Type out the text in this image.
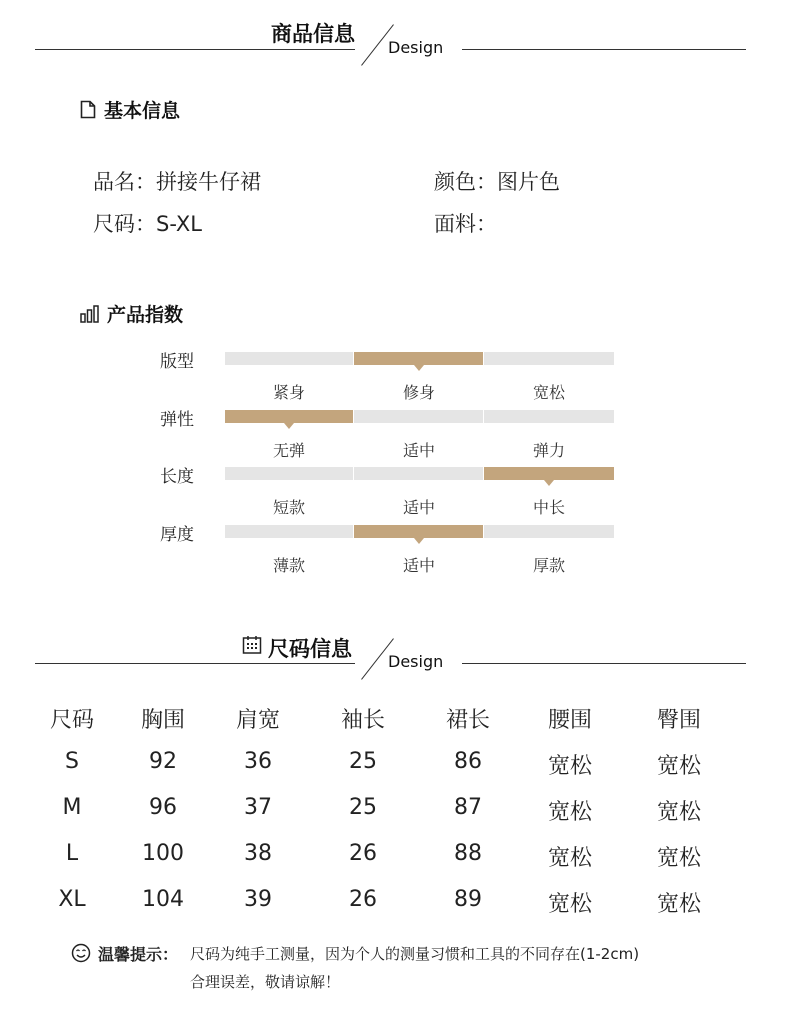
商品信息
Design
基本信息
品名：拼接牛仔裙	颜色：图片色
尺码：S-XL	面料：
产品指数
版型
紧身	修身	宽松
弹性
无弹	适中	弹力
长度
短款	适中	中长
厚度
薄款	适中	厚款
尺码信息
Design
尺码	胸围	肩宽	袖长	裙长	腰围	臀围
S	92	36	25	86	宽松	宽松
M	96	37	25	87	宽松	宽松
L	100	38	26	88	宽松	宽松
XL	104	39	26	89	宽松	宽松
温馨提示： 尺码为纯手工测量，因为个人的测量习惯和工具的不同存在(1-2cm)
合理误差，敬请谅解！
